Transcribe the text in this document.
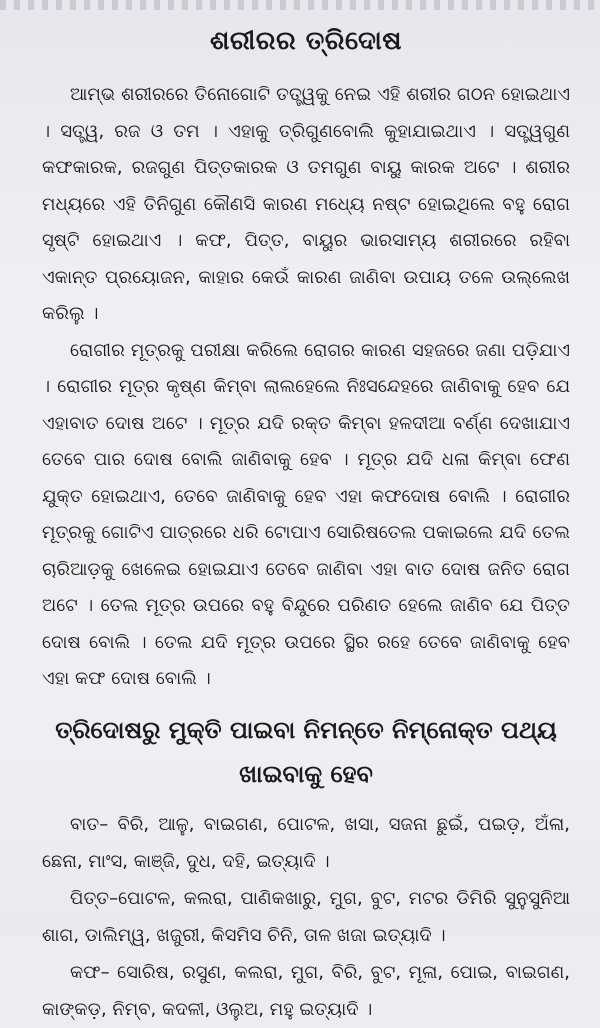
ଶରୀରର ତ୍ରିଦୋଷ

ଆମ୍ଭ ଶରୀରରେ ତିନୋଗୋଟି ତତ୍ତ୍ୱକୁ ନେଇ ଏହି ଶରୀର ଗଠନ ହୋଇଥାଏ । ସତ୍ତ୍ୱ, ରଜ ଓ ତମ । ଏହାକୁ ତ୍ରିଗୁଣବୋଲି କୁହାଯାଇଥାଏ । ସତ୍ତ୍ୱଗୁଣ କଫକାରକ, ରଜଗୁଣ ପିତ୍ତକାରକ ଓ ତମଗୁଣ ବାୟୁ କାରକ ଅଟେ । ଶରୀର ମଧ୍ୟରେ ଏହି ତିନିଗୁଣ କୌଣସି କାରଣ ମଧ୍ୟେ ନଷ୍ଟ ହୋଇଥିଲେ ବହୁ ରୋଗ ସୃଷ୍ଟି ହୋଇଥାଏ । କଫ, ପିତ୍ତ, ବାୟୁର ଭାରସାମ୍ୟ ଶରୀରରେ ରହିବା ଏକାନ୍ତ ପ୍ରୟୋଜନ, କାହାର କେଉଁ କାରଣ ଜାଣିବା ଉପାୟ ତଳେ ଉଲ୍ଲେଖ କରିଲୁ ।

ରୋଗୀର ମୂତ୍ରକୁ ପରୀକ୍ଷା କରିଲେ ରୋଗର କାରଣ ସହଜରେ ଜଣା ପଡ଼ିଯାଏ । ରୋଗୀର ମୂତ୍ର କୃଷ୍ଣ କିମ୍ବା ଲାଲହେଲେ ନିଃସନ୍ଦେହରେ ଜାଣିବାକୁ ହେବ ଯେ ଏହାବାତ ଦୋଷ ଅଟେ । ମୂତ୍ର ଯଦି ରକ୍ତ କିମ୍ବା ହଳଦୀଆ ବର୍ଣ୍ଣ ଦେଖାଯାଏ ତେବେ ପାର ଦୋଷ ବୋଲି ଜାଣିବାକୁ ହେବ । ମୂତ୍ର ଯଦି ଧଳା କିମ୍ବା ଫେଣ ଯୁକ୍ତ ହୋଇଥାଏ, ତେବେ ଜାଣିବାକୁ ହେବ ଏହା କଫଦୋଷ ବୋଲି । ରୋଗୀର ମୂତ୍ରକୁ ଗୋଟିଏ ପାତ୍ରରେ ଧରି ଟୋପାଏ ସୋରିଷତେଲ ପକାଇଲେ ଯଦି ତେଲ ଚାରିଆଡ଼କୁ ଖେଳେଇ ହୋଇଯାଏ ତେବେ ଜାଣିବା ଏହା ବାତ ଦୋଷ ଜନିତ ରୋଗ ଅଟେ । ତେଲ ମୂତ୍ର ଉପରେ ବହୁ ବିନ୍ଦୁରେ ପରିଣତ ହେଲେ ଜାଣିବ ଯେ ପିତ୍ତ ଦୋଷ ବୋଲି । ତେଲ ଯଦି ମୂତ୍ର ଉପରେ ସ୍ଥିର ରହେ ତେବେ ଜାଣିବାକୁ ହେବ ଏହା କଫ ଦୋଷ ବୋଲି ।

ତ୍ରିଦୋଷରୁ ମୁକ୍ତି ପାଇବା ନିମନ୍ତେ ନିମ୍ନୋକ୍ତ ପଥ୍ୟ
ଖାଇବାକୁ ହେବ

ବାତ– ବିରି, ଆଳୁ, ବାଇଗଣ, ପୋଟଳ, ଖସା, ସଜନା ଛୁଇଁ, ପଇଡ଼, ଅଁଳା, ଛେନା, ମାଂସ, କାଞ୍ଜି, ଦୁଧ, ଦହି, ଇତ୍ୟାଦି ।

ପିତ୍ତ–ପୋଟଳ, କଲରା, ପାଣିକଖାରୁ, ମୁଗ, ବୁଟ, ମଟର ଡିମିରି ସୁନୁସୁନିଆ ଶାଗ, ଡାଲିମ୍ୱ, ଖଜୁରୀ, କିସମିସ ଚିନି, ତାଳ ଖଜା ଇତ୍ୟାଦି ।

କଫ– ସୋରିଷ, ରସୁଣ, କଲରା, ମୁଗ, ବିରି, ବୁଟ, ମୂଳା, ପୋଇ, ବାଇଗଣ, କାଙ୍କଡ଼, ନିମ୍ବ, କଦଳୀ, ଓଲୁଅ, ମହୁ ଇତ୍ୟାଦି ।
